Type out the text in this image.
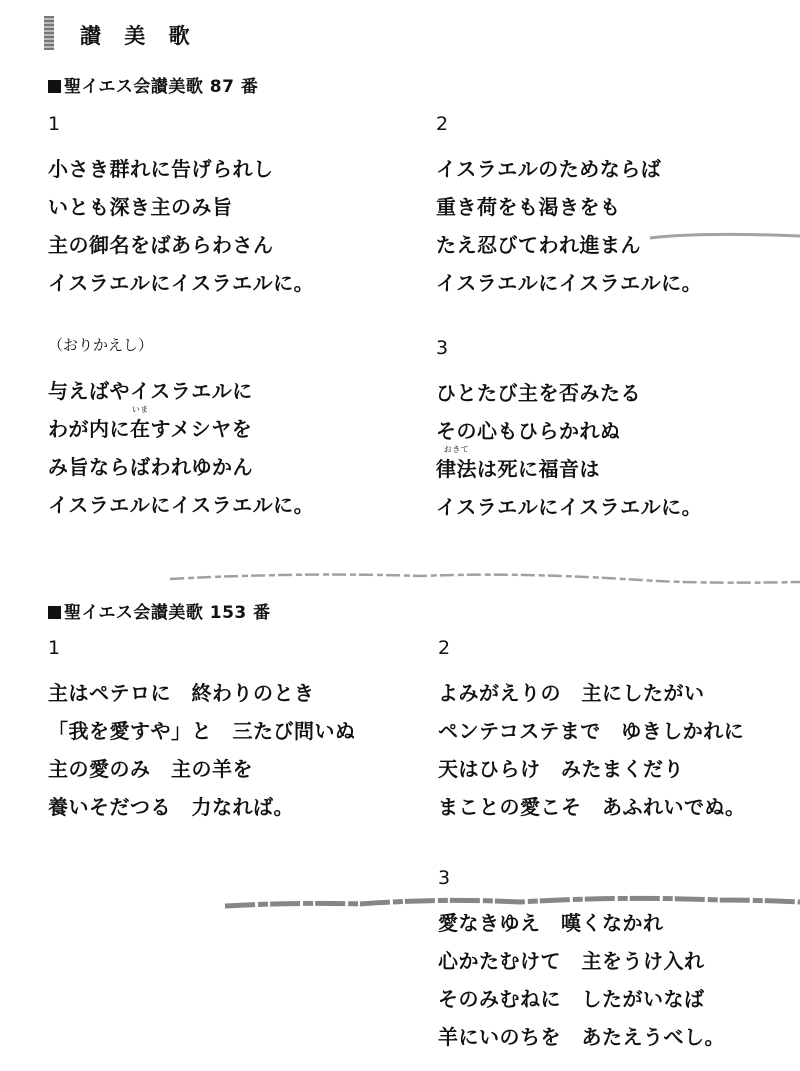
讃 美 歌
聖イエス会讃美歌 87 番
1
小さき群れに告げられし
いとも深き主のみ旨
主の御名をばあらわさん
イスラエルにイスラエルに。
2
イスラエルのためならば
重き荷をも渇きをも
たえ忍びてわれ進まん
イスラエルにイスラエルに。
（おりかえし）
与えばやイスラエルに
わが内に
いま
在すメシヤを
み旨ならばわれゆかん
イスラエルにイスラエルに。
3
ひとたび主を否みたる
その心もひらかれぬ
おきて
律法は死に福音は
イスラエルにイスラエルに。
聖イエス会讃美歌 153 番
1
主はペテロに　終わりのとき
「我を愛すや」と　三たび問いぬ
主の愛のみ　主の羊を
養いそだつる　力なれば。
2
よみがえりの　主にしたがい
ペンテコステまで　ゆきしかれに
天はひらけ　みたまくだり
まことの愛こそ　あふれいでぬ。
3
愛なきゆえ　嘆くなかれ
心かたむけて　主をうけ入れ
そのみむねに　したがいなば
羊にいのちを　あたえうべし。
